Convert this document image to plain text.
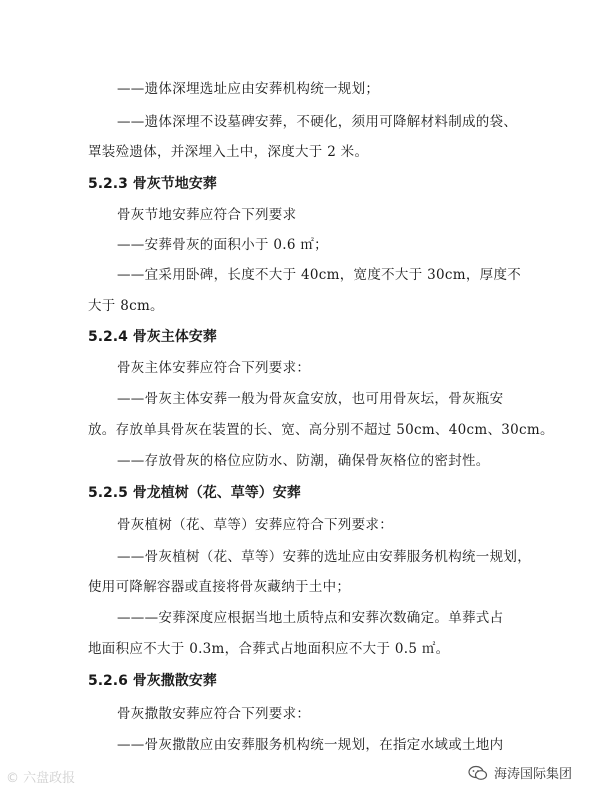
——遗体深埋选址应由安葬机构统一规划；
——遗体深埋不设墓碑安葬，不硬化，须用可降解材料制成的袋、
罩装殓遗体，并深埋入土中，深度大于 2 米。
5.2.3 骨灰节地安葬
骨灰节地安葬应符合下列要求
——安葬骨灰的面积小于 0.6 ㎡；
——宜采用卧碑，长度不大于 40cm，宽度不大于 30cm，厚度不
大于 8cm。
5.2.4 骨灰主体安葬
骨灰主体安葬应符合下列要求：
——骨灰主体安葬一般为骨灰盒安放，也可用骨灰坛，骨灰瓶安
放。存放单具骨灰在装置的长、宽、高分别不超过 50cm、40cm、30cm。
——存放骨灰的格位应防水、防潮，确保骨灰格位的密封性。
5.2.5 骨龙植树（花、草等）安葬
骨灰植树（花、草等）安葬应符合下列要求：
——骨灰植树（花、草等）安葬的选址应由安葬服务机构统一规划，
使用可降解容器或直接将骨灰藏纳于土中；
———安葬深度应根据当地土质特点和安葬次数确定。单葬式占
地面积应不大于 0.3m，合葬式占地面积应不大于 0.5 ㎡。
5.2.6 骨灰撒散安葬
骨灰撒散安葬应符合下列要求：
——骨灰撒散应由安葬服务机构统一规划，在指定水域或土地内
© 六盘政报	海涛国际集团
